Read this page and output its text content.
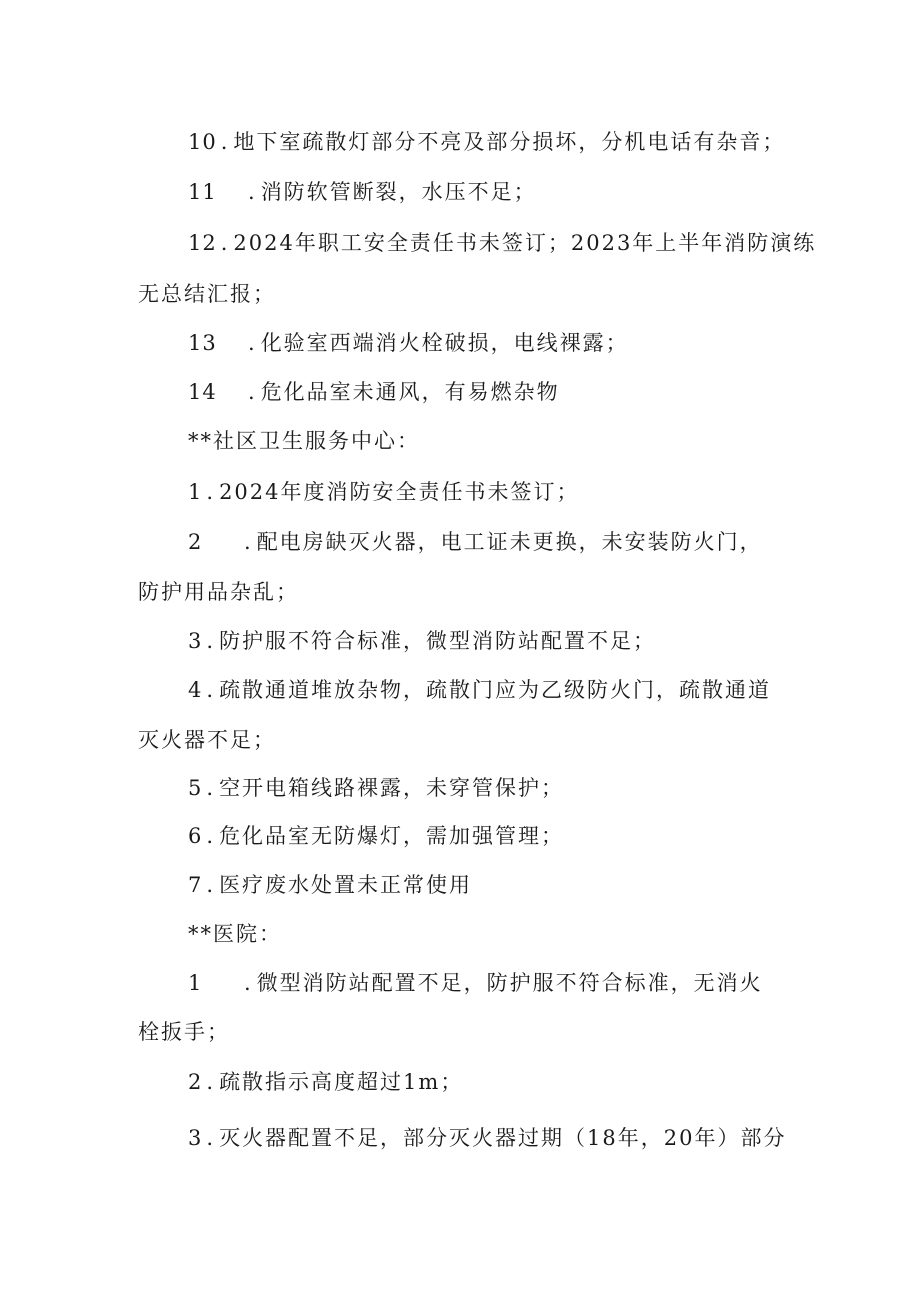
10 . 地下室疏散灯部分不亮及部分损坏，分机电话有杂音；
11 . 消防软管断裂，水压不足；
12 . 2024年职工安全责任书未签订；2023年上半年消防演练
无总结汇报；
13 . 化验室西端消火栓破损，电线裸露；
14 . 危化品室未通风，有易燃杂物
**社区卫生服务中心：
1 . 2024年度消防安全责任书未签订；
2 . 配电房缺灭火器，电工证未更换，未安装防火门，
防护用品杂乱；
3 . 防护服不符合标准，微型消防站配置不足；
4 . 疏散通道堆放杂物，疏散门应为乙级防火门，疏散通道
灭火器不足；
5 . 空开电箱线路裸露，未穿管保护；
6 . 危化品室无防爆灯，需加强管理；
7 . 医疗废水处置未正常使用
**医院：
1 . 微型消防站配置不足，防护服不符合标准，无消火
栓扳手；
2 . 疏散指示高度超过1m；
3 . 灭火器配置不足，部分灭火器过期（18年，20年）部分
